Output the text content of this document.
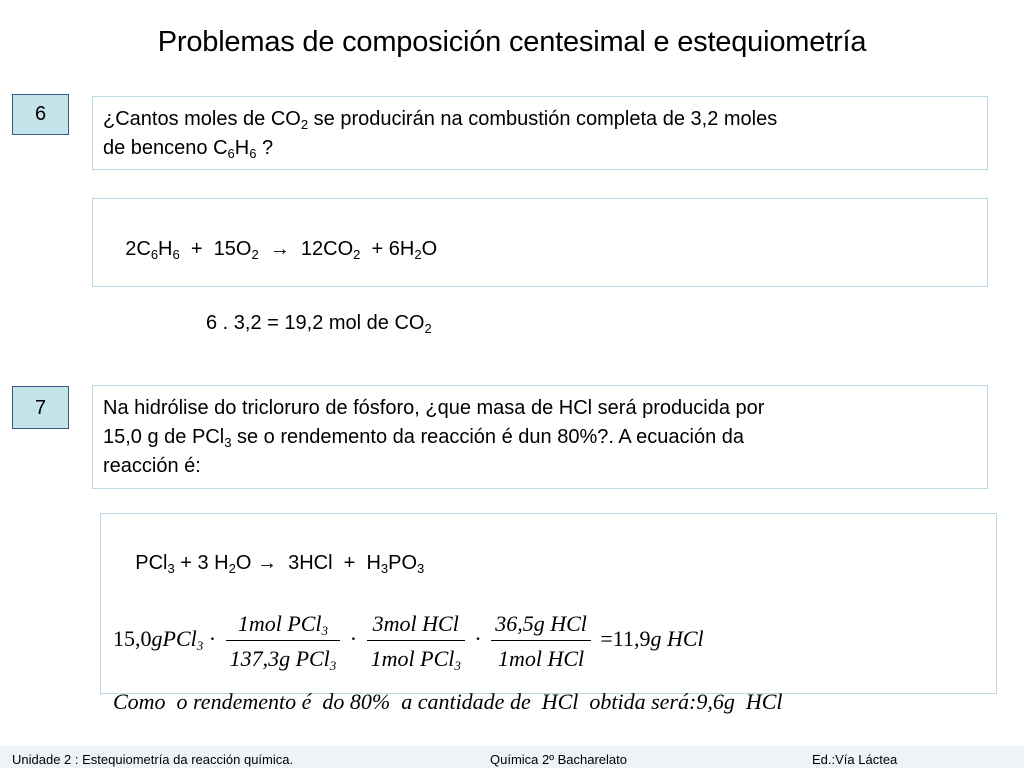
Problemas de composición centesimal e estequiometría
6	¿Cantos moles de $CO_2$ se producirán na combustión completa de 3,2 moles
de benceno $C_6H_6$ ?

$2C_6H_6 + 15O_2 \to 12CO_2 + 6H_2O$

6 . 3,2 = 19,2 mol de $CO_2$
7	Na hidrólise do tricloruro de fósforo, ¿que masa de HCl será producida por
15,0 g de PCl$_3$ se o rendemento da reacción é dun 80%?. A ecuación da
reacción é:

PCl$_3$ + 3 $H_2O \to 3HCl + H_3PO_3$

15,0gPCl$_3$ · $\frac{1mol PCl_3}{137,3g PCl_3} \cdot \frac{\text{3mol HCl}}{1mol PCl_3} \cdot \frac{\text{36,5g HCl}}{\text{1mol HCl}} =11,9g$ HCl
Como  o rendemento é  do 80%  a cantidade de  HCl  obtida será:9,6g  HCl
Unidade 2 : Estequiometría da reacción química.	Química 2º Bacharelato	Ed.:Vía Láctea
